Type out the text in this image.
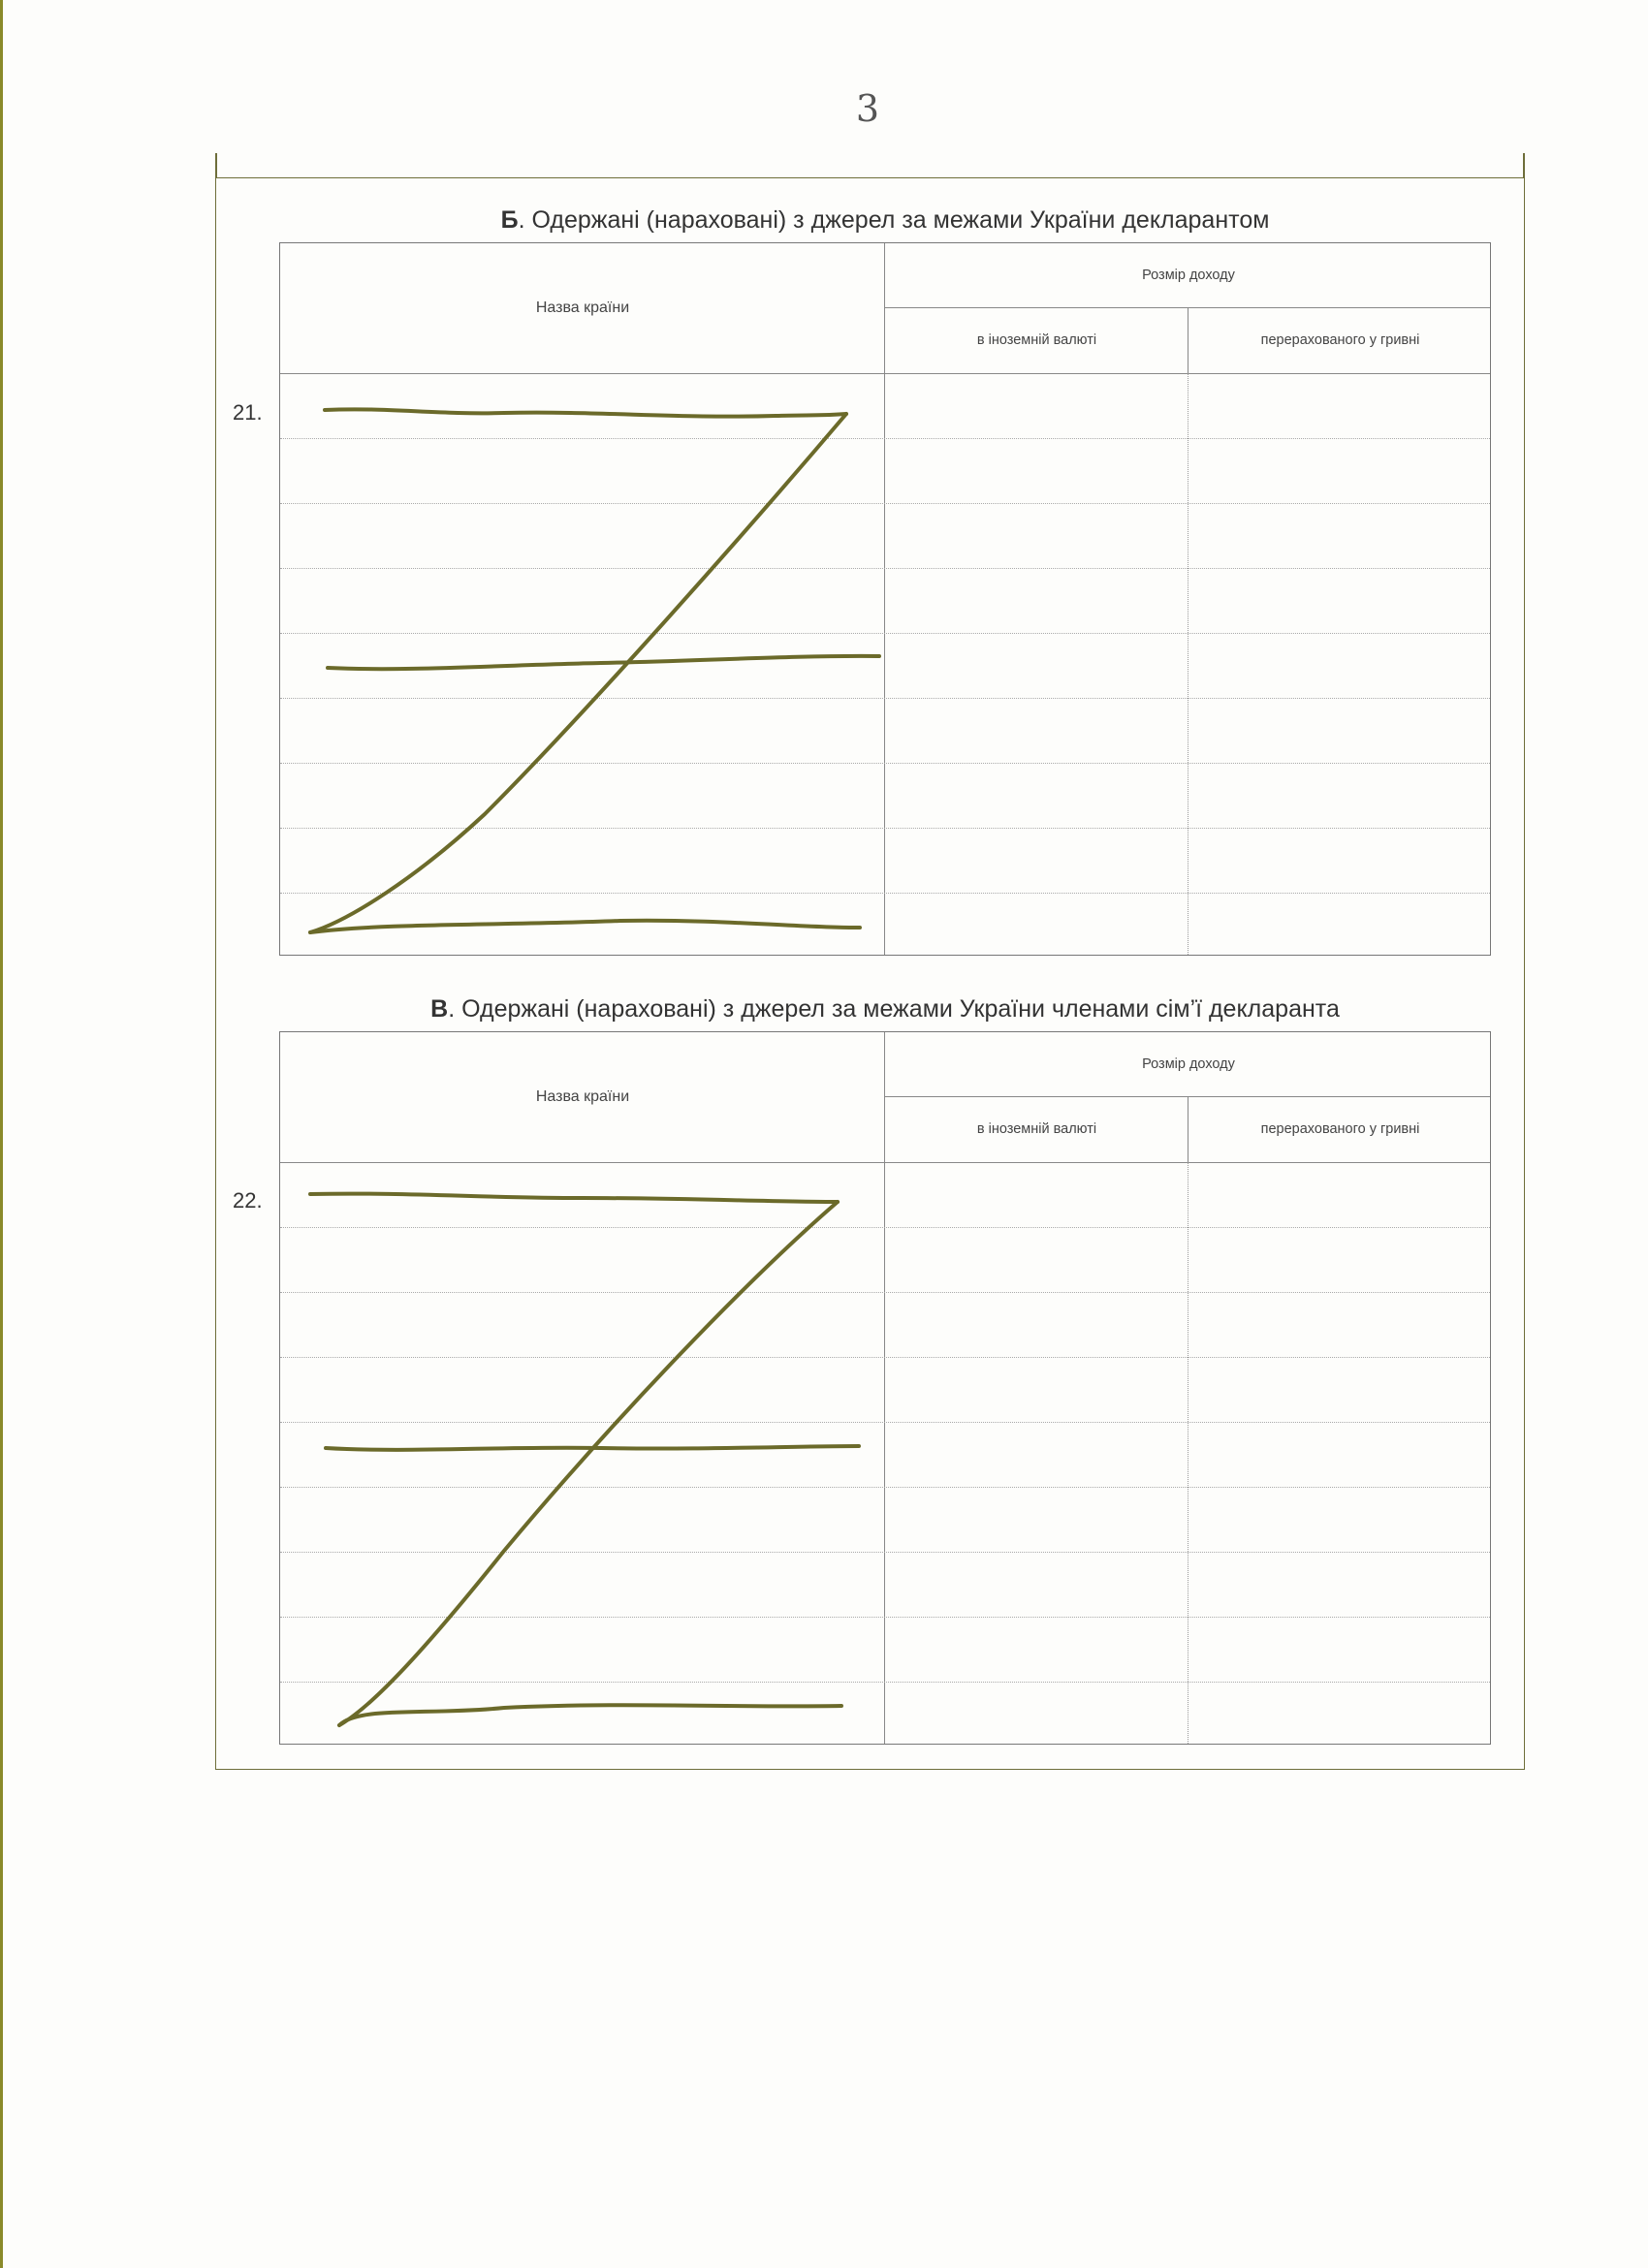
3
Б. Одержані (нараховані) з джерел за межами України декларантом
21.
Назва країни
Розмір доходу
в іноземній валюті	перерахованого у гривні
В. Одержані (нараховані) з джерел за межами України членами сім’ї декларанта
22.
Назва країни
Розмір доходу
в іноземній валюті	перерахованого у гривні
